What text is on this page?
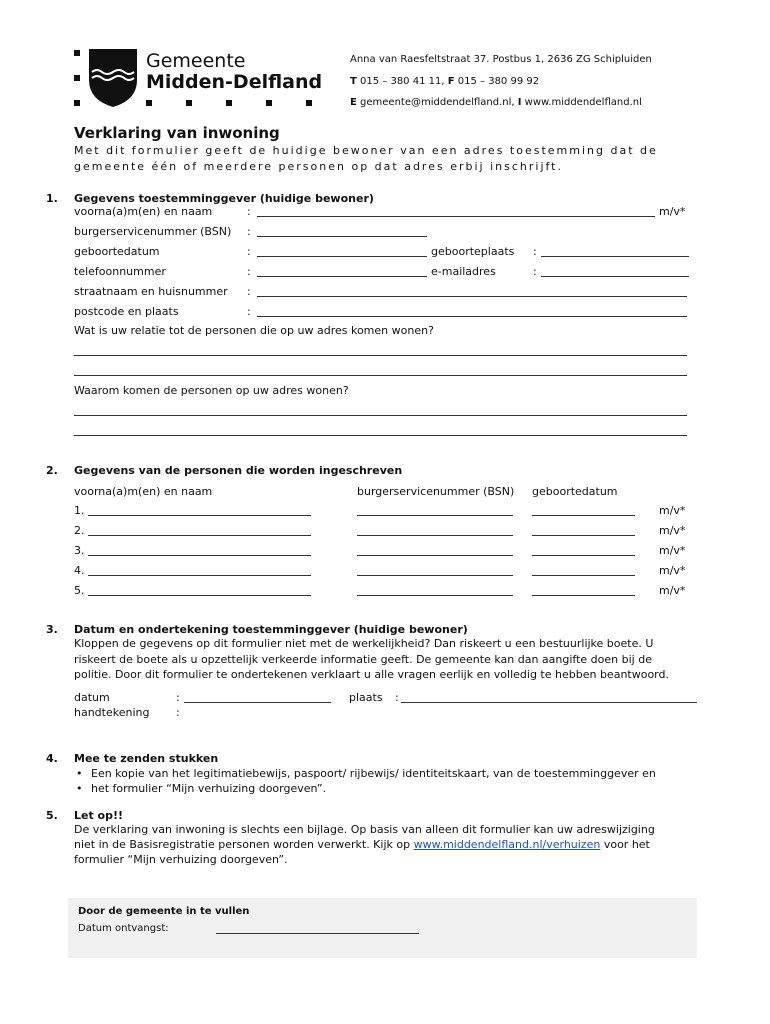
Gemeente
Midden-Delfland
Anna van Raesfeltstraat 37. Postbus 1, 2636 ZG Schipluiden
T 015 – 380 41 11, F 015 – 380 99 92
E gemeente@middendelfland.nl, I www.middendelfland.nl
Verklaring van inwoning
Met dit formulier geeft de huidige bewoner van een adres toestemming dat de
gemeente één of meerdere personen op dat adres erbij inschrijft.
1. Gegevens toestemminggever (huidige bewoner)
voorna(a)m(en) en naam	:	m/v*
burgerservicenummer (BSN) :
geboortedatum	:	geboorteplaats :
telefoonnummer	:	e-mailadres	:
straatnaam en huisnummer :
postcode en plaats	:
Wat is uw relatie tot de personen die op uw adres komen wonen?
Waarom komen de personen op uw adres wonen?
2. Gegevens van de personen die worden ingeschreven
voorna(a)m(en) en naam	burgerservicenummer (BSN) geboortedatum
1.	m/v*
2.	m/v*
3.	m/v*
4.	m/v*
5.	m/v*
3. Datum en ondertekening toestemminggever (huidige bewoner)
Kloppen de gegevens op dit formulier niet met de werkelijkheid? Dan riskeert u een bestuurlijke boete. U
riskeert de boete als u opzettelijk verkeerde informatie geeft. De gemeente kan dan aangifte doen bij de
politie. Door dit formulier te ondertekenen verklaart u alle vragen eerlijk en volledig te hebben beantwoord.
datum	:	plaats :
handtekening :
4. Mee te zenden stukken
• Een kopie van het legitimatiebewijs, paspoort/ rijbewijs/ identiteitskaart, van de toestemminggever en
• het formulier “Mijn verhuizing doorgeven”.
5. Let op!!
De verklaring van inwoning is slechts een bijlage. Op basis van alleen dit formulier kan uw adreswijziging
niet in de Basisregistratie personen worden verwerkt. Kijk op www.middendelfland.nl/verhuizen voor het
formulier “Mijn verhuizing doorgeven”.
Door de gemeente in te vullen
Datum ontvangst:
